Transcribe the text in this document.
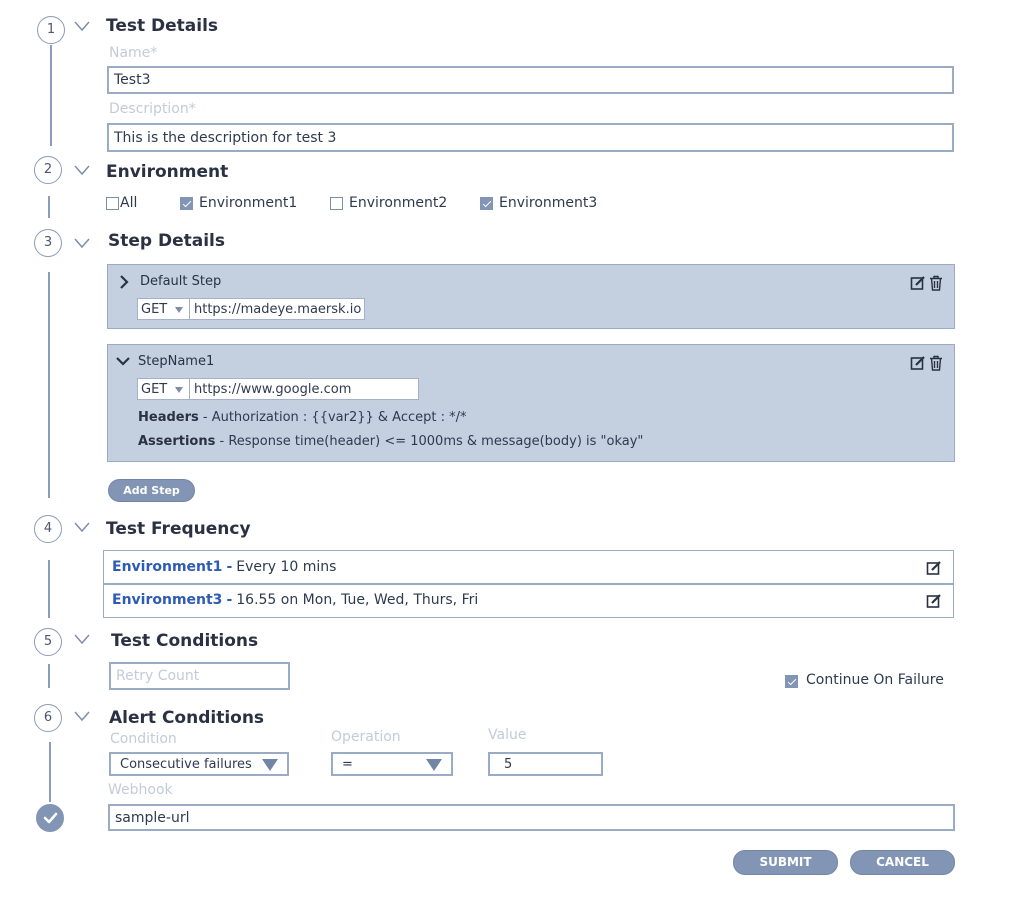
1
2
3
4
5
6
Test Details
Name*
Test3
Description*
This is the description for test 3
Environment
All	Environment1	Environment2	Environment3
Step Details
Default Step
GET	https://madeye.maersk.io
StepName1
GET	https://www.google.com
Headers - Authorization : {{var2}} & Accept : */*
Assertions - Response time(header) <= 1000ms & message(body) is "okay"
Add Step
Test Frequency
Environment1 - Every 10 mins
Environment3 - 16.55 on Mon, Tue, Wed, Thurs, Fri
Test Conditions
Retry Count	Continue On Failure
Alert Conditions
Condition	Operation	Value
Consecutive failures	=	5
Webhook
sample-url
SUBMIT	CANCEL
